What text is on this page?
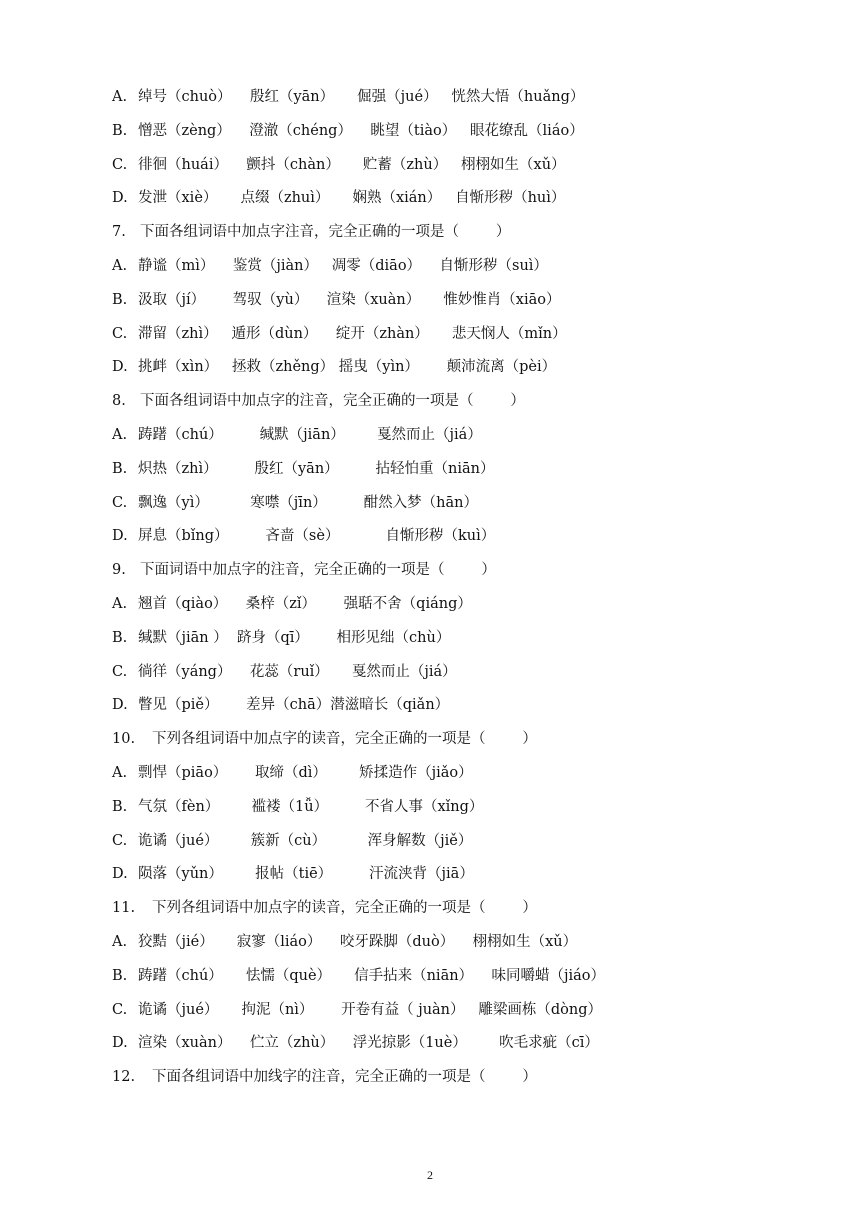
A. 绰号（chuò）    殷红（yān）     倔强（jué）   恍然大悟（huǎng）
B. 憎恶（zèng）    澄澈（chéng）    眺望（tiào）   眼花缭乱（liáo）
C. 徘徊（huái）    颤抖（chàn）     贮蓄（zhù）   栩栩如生（xǔ）
D. 发泄（xiè）     点缀（zhuì）     娴熟（xián）   自惭形秽（huì）
7. 下面各组词语中加点字注音，完全正确的一项是（        ）
A. 静谧（mì）    鉴赏（jiàn）   凋零（diāo）    自惭形秽（suì）
B. 汲取（jí）      驾驭（yù）    渲染（xuàn）     惟妙惟肖（xiāo）
C. 滞留（zhì）   遁形（dùn）    绽开（zhàn）     悲天悯人（mǐn）
D. 挑衅（xìn）   拯救（zhěng） 摇曳（yìn）      颠沛流离（pèi）
8. 下面各组词语中加点字的注音，完全正确的一项是（        ）
A. 踌躇（chú）        缄默（jiān）       戛然而止（jiá）
B. 炽热（zhì）        殷红（yān）        拈轻怕重（niān）
C. 飘逸（yì）         寒噤（jīn）        酣然入梦（hān）
D. 屏息（bǐng）        吝啬（sè）          自惭形秽（kuì）
9. 下面词语中加点字的注音，完全正确的一项是（        ）
A. 翘首（qiào）    桑梓（zǐ）      强聒不舍（qiáng）
B. 缄默（jiān ）  跻身（qī）      相形见绌（chù）
C. 徜徉（yáng）    花蕊（ruǐ）     戛然而止（jiá）
D. 瞥见（piě）      差异（chā）潜滋暗长（qiǎn）
10. 下列各组词语中加点字的读音，完全正确的一项是（        ）
A. 剽悍（piāo）      取缔（dì）       矫揉造作（jiǎo）
B. 气氛（fèn）       褴褛（1ǚ）        不省人事（xǐng）
C. 诡谲（jué）       簇新（cù）         浑身解数（jiě）
D. 陨落（yǔn）       报帖（tiē）        汗流浃背（jiā）
11. 下列各组词语中加点字的读音，完全正确的一项是（        ）
A. 狡黠（jié）     寂寥（liáo）    咬牙跺脚（duò）    栩栩如生（xǔ）
B. 踌躇（chú）     怯懦（què）     信手拈来（niān）    味同嚼蜡（jiáo）
C. 诡谲（jué）     拘泥（nì）      开卷有益（ juàn）   雕梁画栋（dòng）
D. 渲染（xuàn）    伫立（zhù）    浮光掠影（1uè）       吹毛求疵（cī）
12. 下面各组词语中加线字的注音，完全正确的一项是（        ）
2
